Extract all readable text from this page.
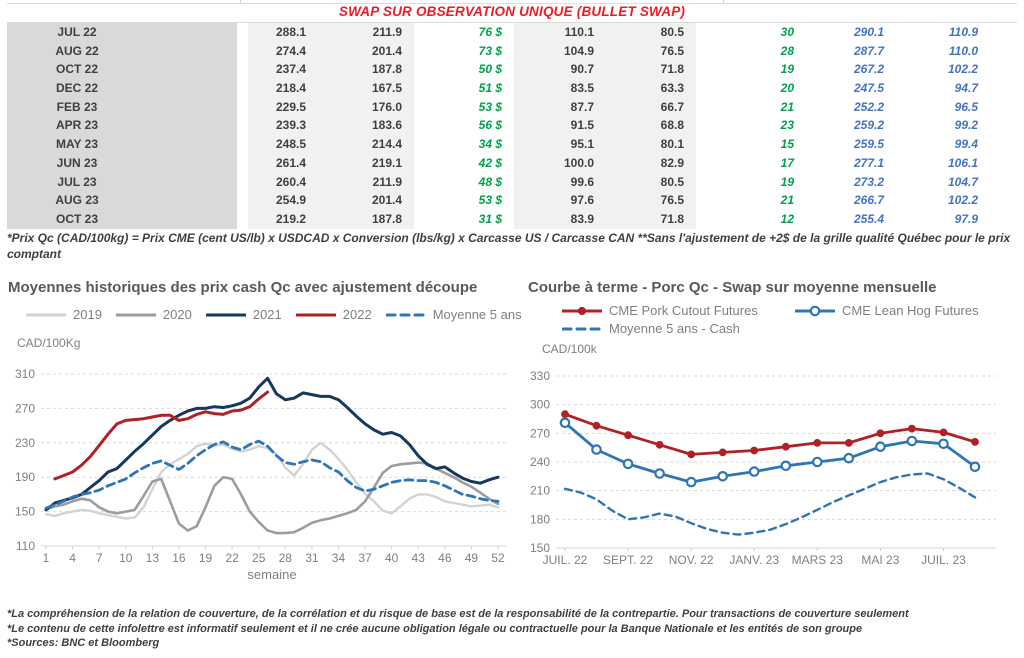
SWAP SUR OBSERVATION UNIQUE (BULLET SWAP)
JUL 22	288.1	211.9	76 $	110.1	80.5	30	290.1	110.9
AUG 22	274.4	201.4	73 $	104.9	76.5	28	287.7	110.0
OCT 22	237.4	187.8	50 $	90.7	71.8	19	267.2	102.2
DEC 22	218.4	167.5	51 $	83.5	63.3	20	247.5	94.7
FEB 23	229.5	176.0	53 $	87.7	66.7	21	252.2	96.5
APR 23	239.3	183.6	56 $	91.5	68.8	23	259.2	99.2
MAY 23	248.5	214.4	34 $	95.1	80.1	15	259.5	99.4
JUN 23	261.4	219.1	42 $	100.0	82.9	17	277.1	106.1
JUL 23	260.4	211.9	48 $	99.6	80.5	19	273.2	104.7
AUG 23	254.9	201.4	53 $	97.6	76.5	21	266.7	102.2
OCT 23	219.2	187.8	31 $	83.9	71.8	12	255.4	97.9
*Prix Qc (CAD/100kg) = Prix CME (cent US/lb) x USDCAD x Conversion (lbs/kg) x Carcasse US / Carcasse CAN **Sans l'ajustement de +2$ de la grille qualité Québec pour le prix comptant
Moyennes historiques des prix cash Qc avec ajustement découpe
2019	2020	2021	2022	Moyenne 5 ans
CAD/100Kg
110
150
190
230
270
310
1 4 7 10 13 16 19 22 25 28 31 34 37 40 43 46 49 52
semaine
Courbe à terme - Porc Qc - Swap sur moyenne mensuelle
CME Pork Cutout Futures	CME Lean Hog Futures
Moyenne 5 ans - Cash
CAD/100k
150
180
210
240
270
300
330
JUIL. 22 SEPT. 22 NOV. 22 JANV. 23 MARS 23 MAI 23 JUIL. 23
*La compréhension de la relation de couverture, de la corrélation et du risque de base est de la responsabilité de la contrepartie. Pour transactions de couverture seulement
*Le contenu de cette infolettre est informatif seulement et il ne crée aucune obligation légale ou contractuelle pour la Banque Nationale et les entités de son groupe
*Sources: BNC et Bloomberg
